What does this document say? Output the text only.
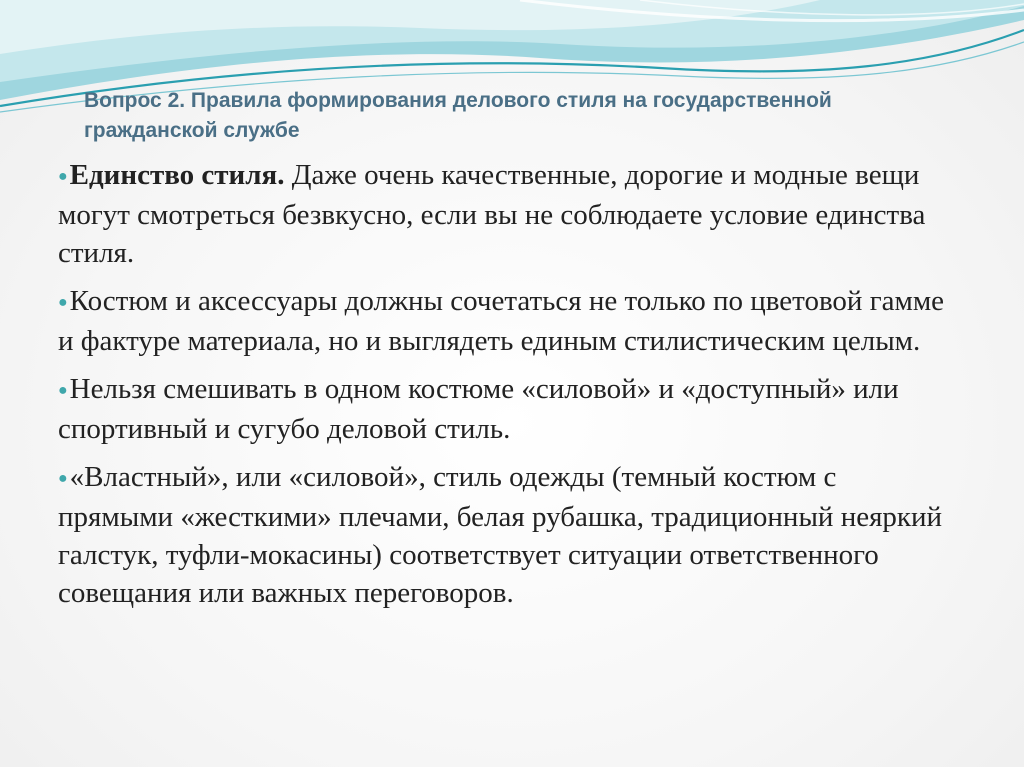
Вопрос 2. Правила формирования делового стиля на государственной гражданской службе
●Единство стиля. Даже очень качественные, дорогие и модные вещи могут смотреться безвкусно, если вы не соблюдаете условие единства стиля.
●Костюм и аксессуары должны сочетаться не только по цветовой гамме и фактуре материала, но и выглядеть единым стилистическим целым.
●Нельзя смешивать в одном костюме «силовой» и «доступный» или спортивный и сугубо деловой стиль.
●«Властный», или «силовой», стиль одежды (темный костюм с прямыми «жесткими» плечами, белая рубашка, традиционный неяркий галстук, туфли-мокасины) соответствует ситуации ответственного совещания или важных переговоров.
